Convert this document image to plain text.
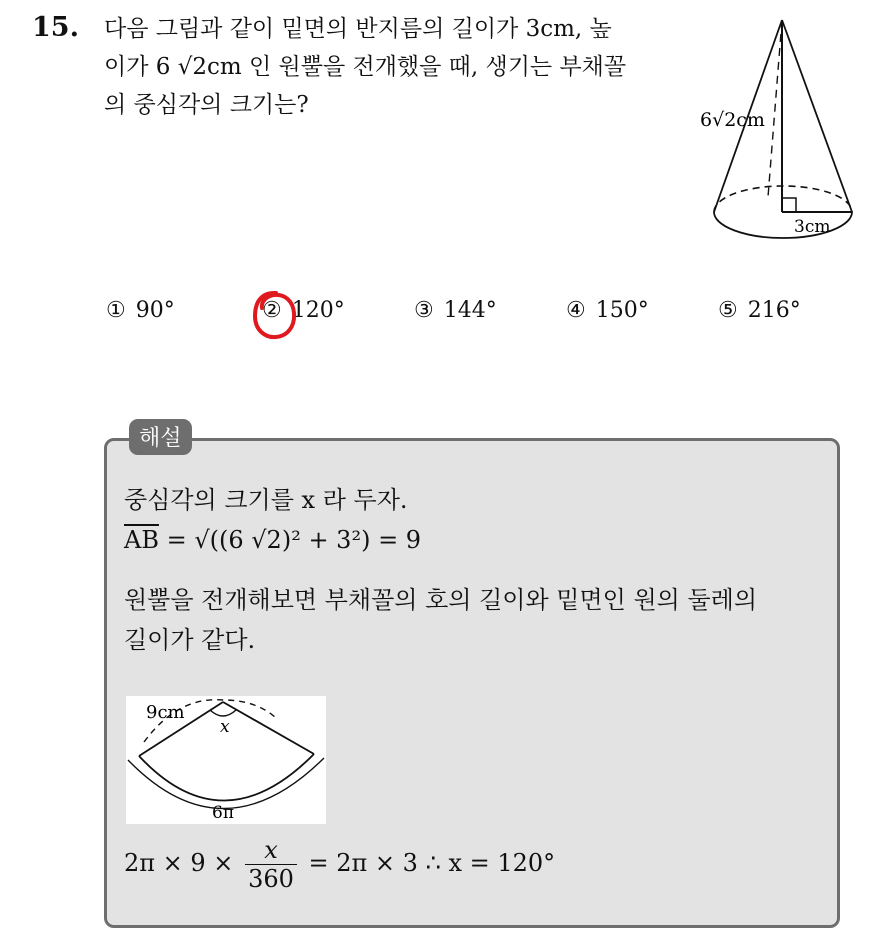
15. 다음 그림과 같이 밑면의 반지름의 길이가 3cm, 높
이가 6 √2cm 인 원뿔을 전개했을 때, 생기는 부채꼴
의 중심각의 크기는?
6√2cm
3cm
① 90°	② 120°	③ 144°	④ 150°	⑤ 216°
해설
중심각의 크기를 x 라 두자.
$\overline{AB} = √((6$ √2)² + 3²) = 9
원뿔을 전개해보면 부채꼴의 호의 길이와 밑면인 원의 둘레의
길이가 같다.
9cm
x
6π
$2\pi \times 9 \times \frac{x}{360} = 2\pi \times 3$ ∴ x = 120°
